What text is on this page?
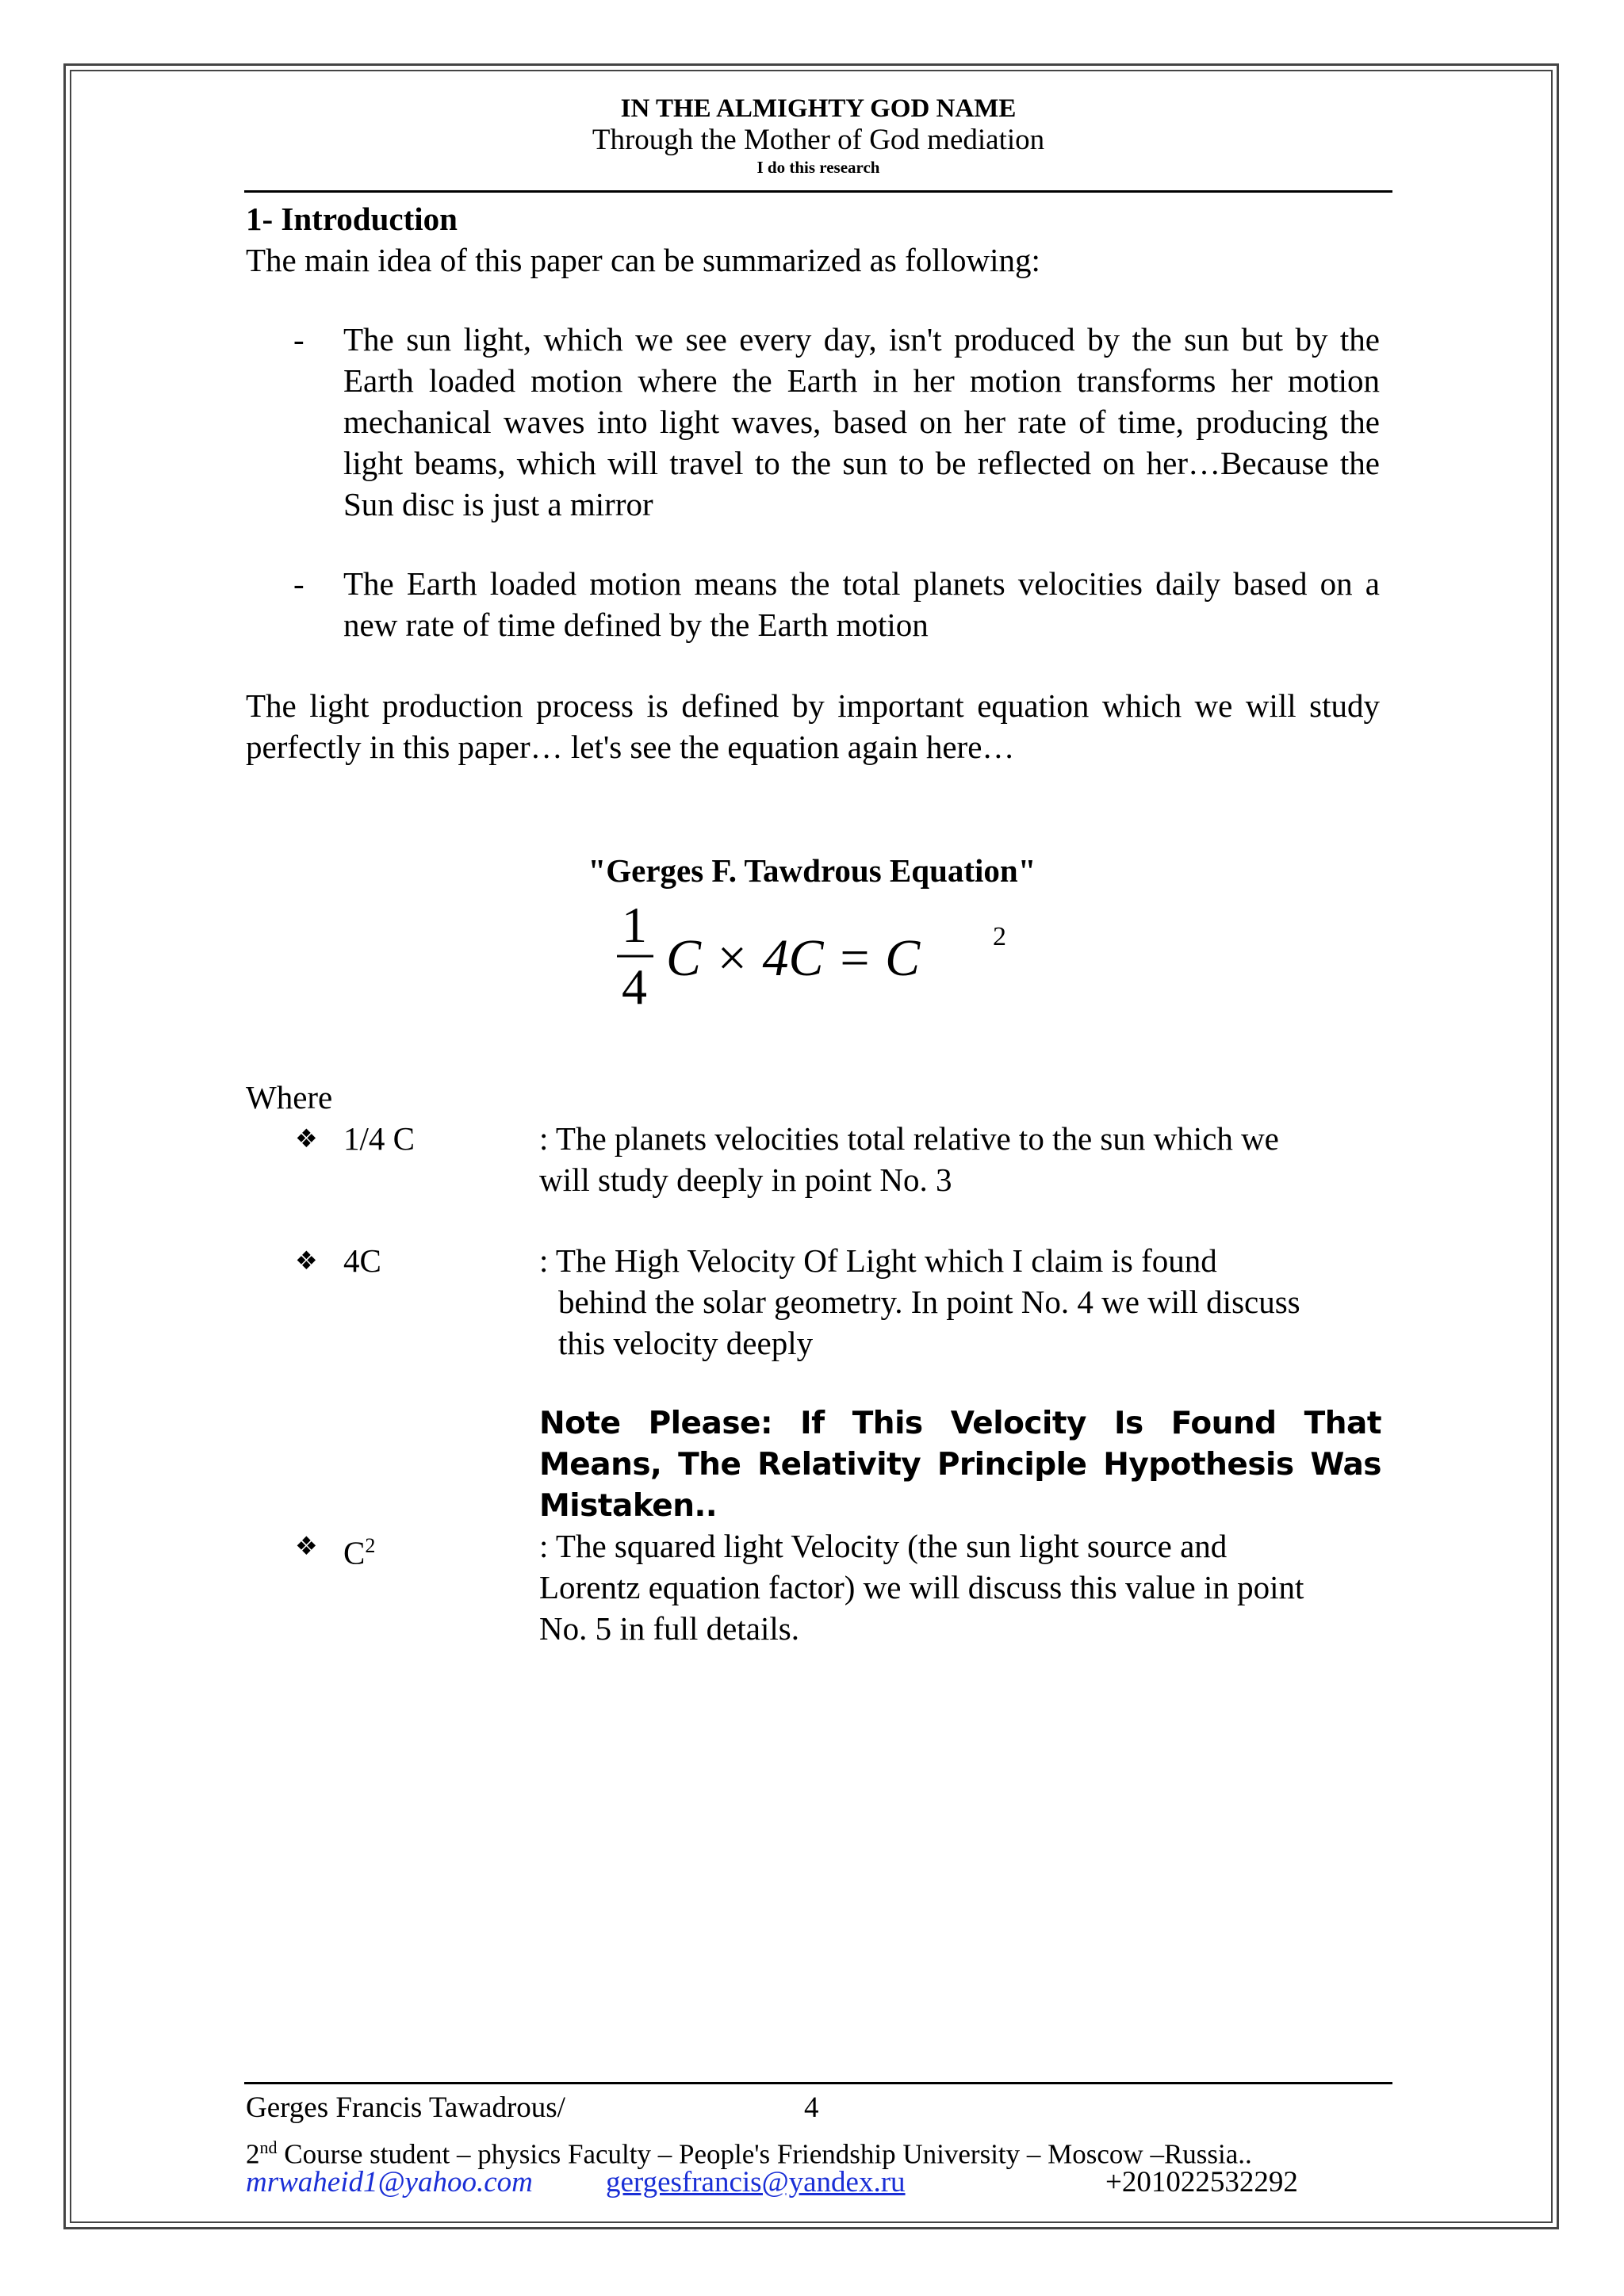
IN THE ALMIGHTY GOD NAME
Through the Mother of God mediation
I do this research
1- Introduction
The main idea of this paper can be summarized as following:
- The sun light, which we see every day, isn't produced by the sun but by the Earth loaded motion where the Earth in her motion transforms her motion mechanical waves into light waves, based on her rate of time, producing the light beams, which will travel to the sun to be reflected on her…Because the Sun disc is just a mirror
- The Earth loaded motion means the total planets velocities daily based on a new rate of time defined by the Earth motion
The light production process is defined by important equation which we will study perfectly in this paper… let's see the equation again here…
"Gerges F. Tawdrous Equation"
1
4 C × 4C = C	2
Where
❖ 1/4 C	: The planets velocities total relative to the sun which we
will study deeply in point No. 3
❖ 4C	: The High Velocity Of Light which I claim is found
behind the solar geometry. In point No. 4 we will discuss
this velocity deeply
Note Please: If This Velocity Is Found That Means, The Relativity Principle Hypothesis Was Mistaken..
❖ $C^2$	: The squared light Velocity (the sun light source and
Lorentz equation factor) we will discuss this value in point
No. 5 in full details.
Gerges Francis Tawadrous/	4
2nd Course student – physics Faculty – People's Friendship University – Moscow –Russia..
mrwaheid1@yahoo.com gergesfrancis@yandex.ru	+201022532292
